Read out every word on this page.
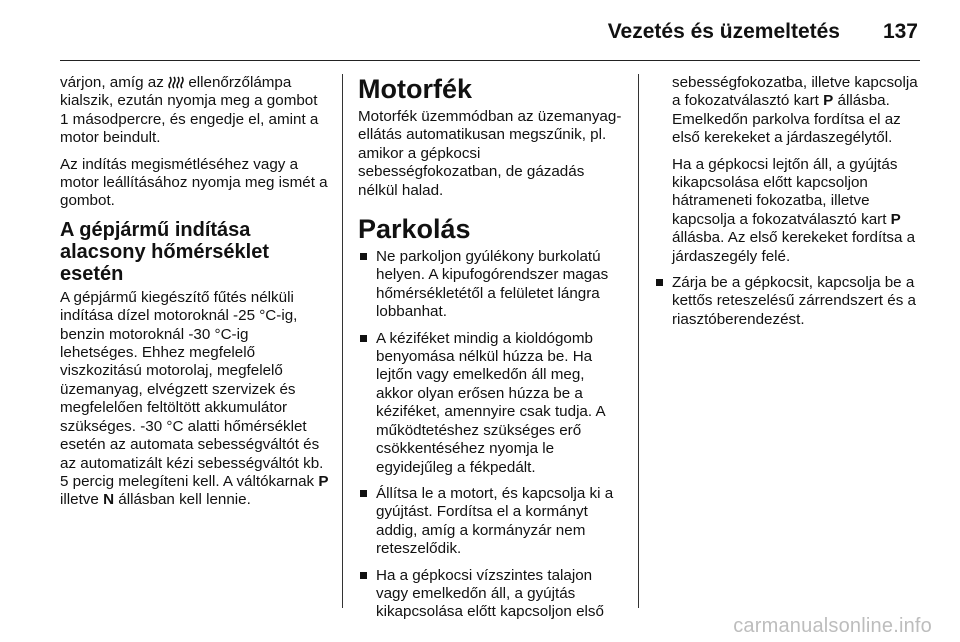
Vezetés és üzemeltetés 137

várjon, amíg az ellenőrzőlámpa kialszik, ezután nyomja meg a gombot 1 másodpercre, és engedje el, amint a motor beindult.

Az indítás megismétléséhez vagy a motor leállításához nyomja meg ismét a gombot.

A gépjármű indítása alacsony hőmérséklet esetén

A gépjármű kiegészítő fűtés nélküli indítása dízel motoroknál -25 °C-ig, benzin motoroknál -30 °C-ig lehetséges. Ehhez megfelelő viszkozitású motorolaj, megfelelő üzemanyag, elvégzett szervizek és megfelelően feltöltött akkumulátor szükséges. -30 °C alatti hőmérséklet esetén az automata sebességváltót és az automatizált kézi sebességváltót kb. 5 percig melegíteni kell. A váltókarnak P illetve N állásban kell lennie.

Motorfék

Motorfék üzemmódban az üzemanyag-ellátás automatikusan megszűnik, pl. amikor a gépkocsi sebességfokozatban, de gázadás nélkül halad.

Parkolás
Ne parkoljon gyúlékony burkolatú helyen. A kipufogórendszer magas hőmérsékletétől a felületet lángra lobbanhat.
A kéziféket mindig a kioldógomb benyomása nélkül húzza be. Ha lejtőn vagy emelkedőn áll meg, akkor olyan erősen húzza be a kéziféket, amennyire csak tudja. A működtetéshez szükséges erő csökkentéséhez nyomja le egyidejűleg a fékpedált.
Állítsa le a motort, és kapcsolja ki a gyújtást. Fordítsa el a kormányt addig, amíg a kormányzár nem reteszelődik.
Ha a gépkocsi vízszintes talajon vagy emelkedőn áll, a gyújtás kikapcsolása előtt kapcsoljon első
sebességfokozatba, illetve kapcsolja a fokozatválasztó kart P állásba. Emelkedőn parkolva fordítsa el az első kerekeket a járdaszegélytől.
Ha a gépkocsi lejtőn áll, a gyújtás kikapcsolása előtt kapcsoljon hátrameneti fokozatba, illetve kapcsolja a fokozatválasztó kart P állásba. Az első kerekeket fordítsa a járdaszegély felé.
Zárja be a gépkocsit, kapcsolja be a kettős reteszelésű zárrendszert és a riasztóberendezést.
carmanualsonline.info
